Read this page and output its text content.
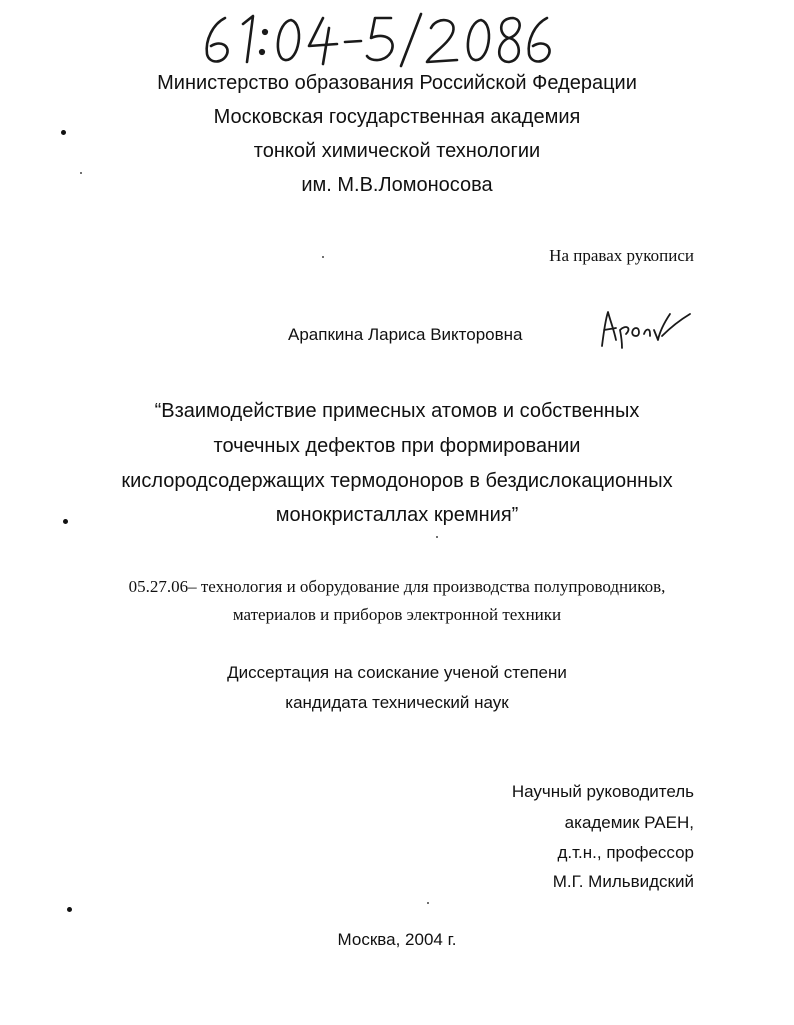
Министерство образования Российской Федерации
Московская государственная академия
тонкой химической технологии
им. М.В.Ломоносова
На правах рукописи
Арапкина Лариса Викторовна
“Взаимодействие примесных атомов и собственных
точечных дефектов при формировании
кислородсодержащих термодоноров в бездислокационных
монокристаллах кремния”
05.27.06– технология и оборудование для производства полупроводников,
материалов и приборов электронной техники
Диссертация на соискание ученой степени
кандидата технический наук
Научный руководитель
академик РАЕН,
д.т.н., профессор
М.Г. Мильвидский
Москва, 2004 г.
